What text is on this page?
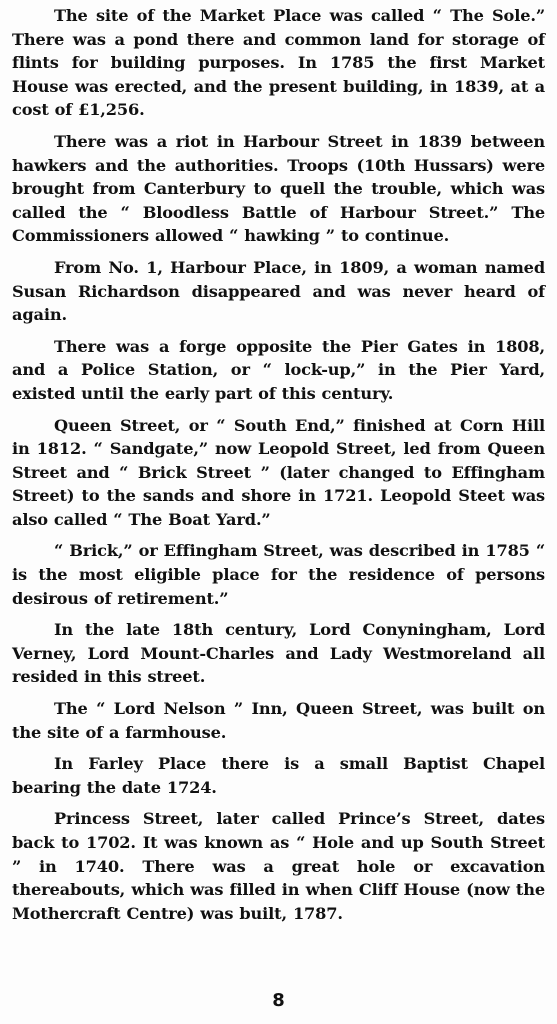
The site of the Market Place was called “ The Sole.” There was a pond there and common land for storage of flints for building purposes. In 1785 the first Market House was erected, and the present building, in 1839, at a cost of £1,256.

There was a riot in Harbour Street in 1839 between hawkers and the authorities. Troops (10th Hussars) were brought from Canterbury to quell the trouble, which was called the “ Bloodless Battle of Harbour Street.” The Commissioners allowed “ hawking ” to continue.

From No. 1, Harbour Place, in 1809, a woman named Susan Richardson disappeared and was never heard of again.

There was a forge opposite the Pier Gates in 1808, and a Police Station, or “ lock-up,” in the Pier Yard, existed until the early part of this century.

Queen Street, or “ South End,” finished at Corn Hill in 1812. “ Sandgate,” now Leopold Street, led from Queen Street and “ Brick Street ” (later changed to Effingham Street) to the sands and shore in 1721. Leopold Steet was also called “ The Boat Yard.”

“ Brick,” or Effingham Street, was described in 1785 “ is the most eligible place for the residence of persons desirous of retirement.”

In the late 18th century, Lord Conyningham, Lord Verney, Lord Mount-Charles and Lady Westmoreland all resided in this street.

The “ Lord Nelson ” Inn, Queen Street, was built on the site of a farmhouse.

In Farley Place there is a small Baptist Chapel bearing the date 1724.

Princess Street, later called Prince’s Street, dates back to 1702. It was known as “ Hole and up South Street ” in 1740. There was a great hole or excavation thereabouts, which was filled in when Cliff House (now the Mothercraft Centre) was built, 1787.

8
